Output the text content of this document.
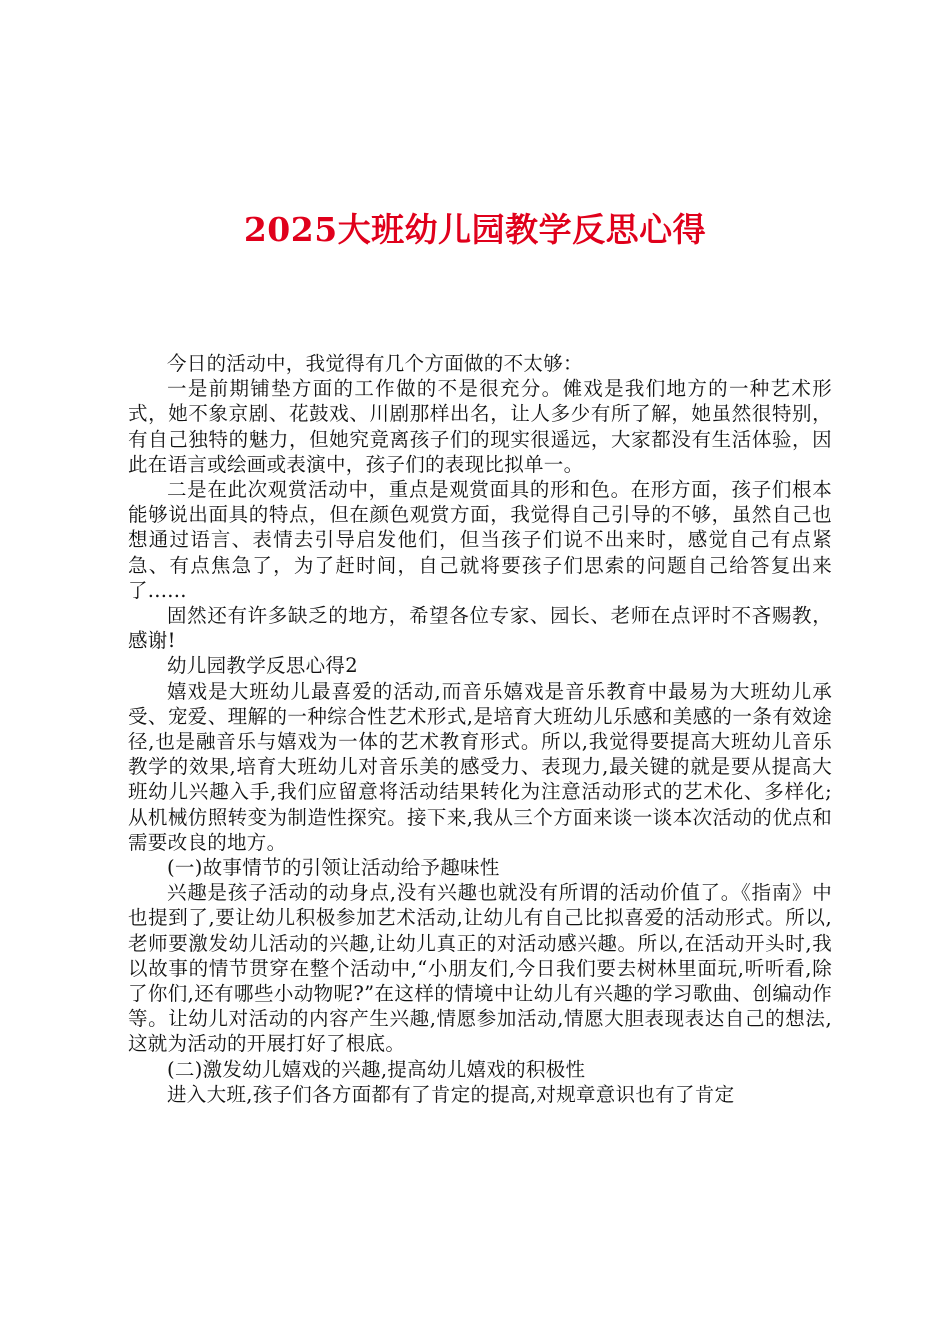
2025大班幼儿园教学反思心得

今日的活动中，我觉得有几个方面做的不太够：

一是前期铺垫方面的工作做的不是很充分。傩戏是我们地方的一种艺术形式，她不象京剧、花鼓戏、川剧那样出名，让人多少有所了解，她虽然很特别，有自己独特的魅力，但她究竟离孩子们的现实很遥远，大家都没有生活体验，因此在语言或绘画或表演中，孩子们的表现比拟单一。

二是在此次观赏活动中，重点是观赏面具的形和色。在形方面，孩子们根本能够说出面具的特点，但在颜色观赏方面，我觉得自己引导的不够，虽然自己也想通过语言、表情去引导启发他们，但当孩子们说不出来时，感觉自己有点紧急、有点焦急了，为了赶时间，自己就将要孩子们思索的问题自己给答复出来了......

固然还有许多缺乏的地方，希望各位专家、园长、老师在点评时不吝赐教，感谢!

幼儿园教学反思心得2

嬉戏是大班幼儿最喜爱的活动,而音乐嬉戏是音乐教育中最易为大班幼儿承受、宠爱、理解的一种综合性艺术形式,是培育大班幼儿乐感和美感的一条有效途径,也是融音乐与嬉戏为一体的艺术教育形式。所以,我觉得要提高大班幼儿音乐教学的效果,培育大班幼儿对音乐美的感受力、表现力,最关键的就是要从提高大班幼儿兴趣入手,我们应留意将活动结果转化为注意活动形式的艺术化、多样化;从机械仿照转变为制造性探究。接下来,我从三个方面来谈一谈本次活动的优点和需要改良的地方。

(一)故事情节的引领让活动给予趣味性

兴趣是孩子活动的动身点,没有兴趣也就没有所谓的活动价值了。《指南》中也提到了,要让幼儿积极参加艺术活动,让幼儿有自己比拟喜爱的活动形式。所以,老师要激发幼儿活动的兴趣,让幼儿真正的对活动感兴趣。所以,在活动开头时,我以故事的情节贯穿在整个活动中,“小朋友们,今日我们要去树林里面玩,听听看,除了你们,还有哪些小动物呢?”在这样的情境中让幼儿有兴趣的学习歌曲、创编动作等。让幼儿对活动的内容产生兴趣,情愿参加活动,情愿大胆表现表达自己的想法,这就为活动的开展打好了根底。

(二)激发幼儿嬉戏的兴趣,提高幼儿嬉戏的积极性

进入大班,孩子们各方面都有了肯定的提高,对规章意识也有了肯定
